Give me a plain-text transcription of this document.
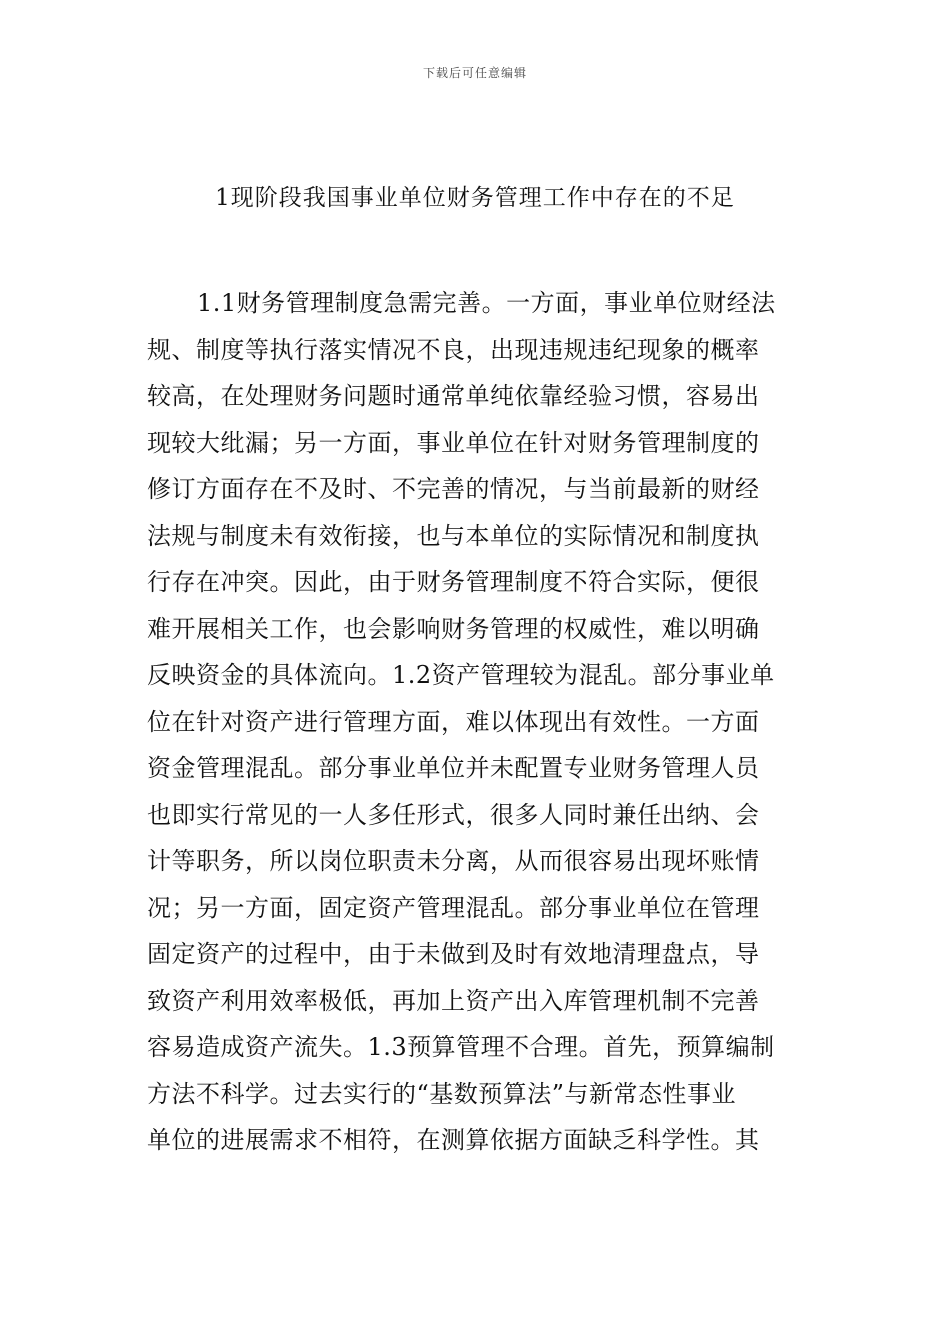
下载后可任意编辑
1现阶段我国事业单位财务管理工作中存在的不足
1.1财务管理制度急需完善。一方面，事业单位财经法
规、制度等执行落实情况不良，出现违规违纪现象的概率
较高，在处理财务问题时通常单纯依靠经验习惯，容易出
现较大纰漏；另一方面，事业单位在针对财务管理制度的
修订方面存在不及时、不完善的情况，与当前最新的财经
法规与制度未有效衔接，也与本单位的实际情况和制度执
行存在冲突。因此，由于财务管理制度不符合实际，便很
难开展相关工作，也会影响财务管理的权威性，难以明确
反映资金的具体流向。1.2资产管理较为混乱。部分事业单
位在针对资产进行管理方面，难以体现出有效性。一方面
资金管理混乱。部分事业单位并未配置专业财务管理人员
也即实行常见的一人多任形式，很多人同时兼任出纳、会
计等职务，所以岗位职责未分离，从而很容易出现坏账情
况；另一方面，固定资产管理混乱。部分事业单位在管理
固定资产的过程中，由于未做到及时有效地清理盘点，导
致资产利用效率极低，再加上资产出入库管理机制不完善
容易造成资产流失。1.3预算管理不合理。首先，预算编制
方法不科学。过去实行的“基数预算法”与新常态性事业
单位的进展需求不相符，在测算依据方面缺乏科学性。其
